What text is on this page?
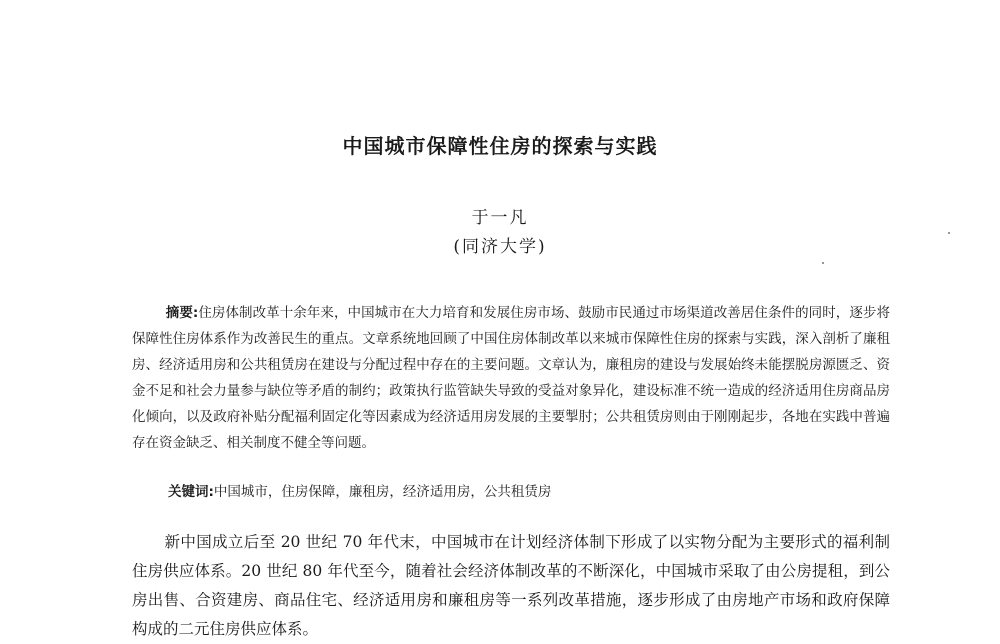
中国城市保障性住房的探索与实践
于一凡
(同济大学)
摘要:住房体制改革十余年来，中国城市在大力培育和发展住房市场、鼓励市民通过市场渠道改善居住条件的同时，逐步将保障性住房体系作为改善民生的重点。文章系统地回顾了中国住房体制改革以来城市保障性住房的探索与实践，深入剖析了廉租房、经济适用房和公共租赁房在建设与分配过程中存在的主要问题。文章认为，廉租房的建设与发展始终未能摆脱房源匮乏、资金不足和社会力量参与缺位等矛盾的制约；政策执行监管缺失导致的受益对象异化，建设标准不统一造成的经济适用住房商品房化倾向，以及政府补贴分配福利固定化等因素成为经济适用房发展的主要掣肘；公共租赁房则由于刚刚起步，各地在实践中普遍存在资金缺乏、相关制度不健全等问题。
关键词:中国城市，住房保障，廉租房，经济适用房，公共租赁房
新中国成立后至 20 世纪 70 年代末，中国城市在计划经济体制下形成了以实物分配为主要形式的福利制住房供应体系。20 世纪 80 年代至今，随着社会经济体制改革的不断深化，中国城市采取了由公房提租，到公房出售、合资建房、商品住宅、经济适用房和廉租房等一系列改革措施，逐步形成了由房地产市场和政府保障构成的二元住房供应体系。
